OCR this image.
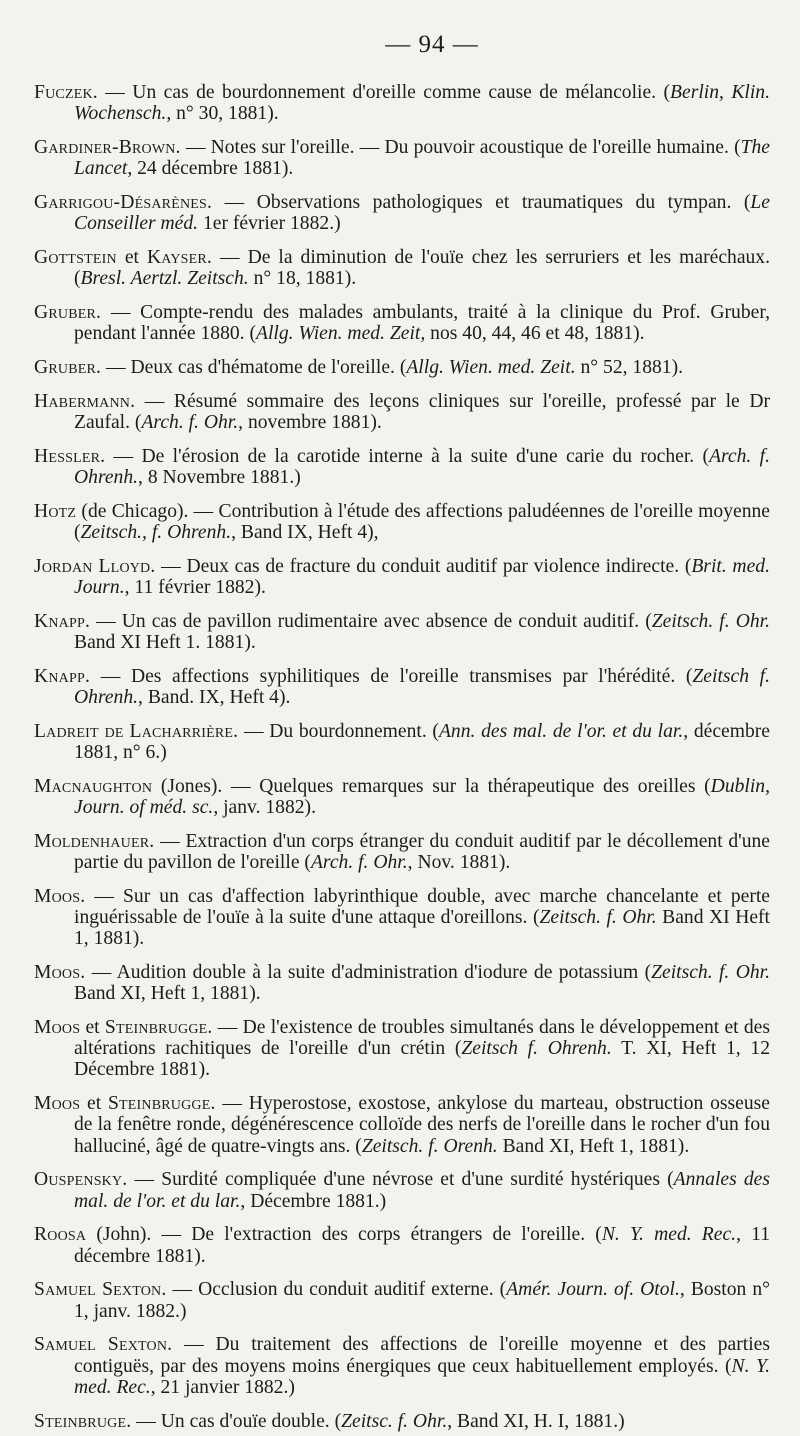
— 94 —

Fuczek. — Un cas de bourdonnement d'oreille comme cause de mélancolie. (Berlin, Klin. Wochensch., n° 30, 1881).

Gardiner-Brown. — Notes sur l'oreille. — Du pouvoir acoustique de l'oreille humaine. (The Lancet, 24 décembre 1881).

Garrigou-Désarènes. — Observations pathologiques et traumatiques du tympan. (Le Conseiller méd. 1er février 1882.)

Gottstein et Kayser. — De la diminution de l'ouïe chez les serruriers et les maréchaux. (Bresl. Aertzl. Zeitsch. n° 18, 1881).

Gruber. — Compte-rendu des malades ambulants, traité à la clinique du Prof. Gruber, pendant l'année 1880. (Allg. Wien. med. Zeit, nos 40, 44, 46 et 48, 1881).

Gruber. — Deux cas d'hématome de l'oreille. (Allg. Wien. med. Zeit. n° 52, 1881).

Habermann. — Résumé sommaire des leçons cliniques sur l'oreille, professé par le Dr Zaufal. (Arch. f. Ohr., novembre 1881).

Hessler. — De l'érosion de la carotide interne à la suite d'une carie du rocher. (Arch. f. Ohrenh., 8 Novembre 1881.)

Hotz (de Chicago). — Contribution à l'étude des affections paludéennes de l'oreille moyenne (Zeitsch., f. Ohrenh., Band IX, Heft 4),

Jordan Lloyd. — Deux cas de fracture du conduit auditif par violence indirecte. (Brit. med. Journ., 11 février 1882).

Knapp. — Un cas de pavillon rudimentaire avec absence de conduit auditif. (Zeitsch. f. Ohr. Band XI Heft 1. 1881).

Knapp. — Des affections syphilitiques de l'oreille transmises par l'hérédité. (Zeitsch f. Ohrenh., Band. IX, Heft 4).

Ladreit de Lacharrière. — Du bourdonnement. (Ann. des mal. de l'or. et du lar., décembre 1881, n° 6.)

Macnaughton (Jones). — Quelques remarques sur la thérapeutique des oreilles (Dublin, Journ. of méd. sc., janv. 1882).

Moldenhauer. — Extraction d'un corps étranger du conduit auditif par le décollement d'une partie du pavillon de l'oreille (Arch. f. Ohr., Nov. 1881).

Moos. — Sur un cas d'affection labyrinthique double, avec marche chancelante et perte inguérissable de l'ouïe à la suite d'une attaque d'oreillons. (Zeitsch. f. Ohr. Band XI Heft 1, 1881).

Moos. — Audition double à la suite d'administration d'iodure de potassium (Zeitsch. f. Ohr. Band XI, Heft 1, 1881).

Moos et Steinbrugge. — De l'existence de troubles simultanés dans le développement et des altérations rachitiques de l'oreille d'un crétin (Zeitsch f. Ohrenh. T. XI, Heft 1, 12 Décembre 1881).

Moos et Steinbrugge. — Hyperostose, exostose, ankylose du marteau, obstruction osseuse de la fenêtre ronde, dégénérescence colloïde des nerfs de l'oreille dans le rocher d'un fou halluciné, âgé de quatre-vingts ans. (Zeitsch. f. Orenh. Band XI, Heft 1, 1881).

Ouspensky. — Surdité compliquée d'une névrose et d'une surdité hystériques (Annales des mal. de l'or. et du lar., Décembre 1881.)

Roosa (John). — De l'extraction des corps étrangers de l'oreille. (N. Y. med. Rec., 11 décembre 1881).

Samuel Sexton. — Occlusion du conduit auditif externe. (Amér. Journ. of. Otol., Boston n° 1, janv. 1882.)

Samuel Sexton. — Du traitement des affections de l'oreille moyenne et des parties contiguës, par des moyens moins énergiques que ceux habituellement employés. (N. Y. med. Rec., 21 janvier 1882.)

Steinbruge. — Un cas d'ouïe double. (Zeitsc. f. Ohr., Band XI, H. I, 1881.)
